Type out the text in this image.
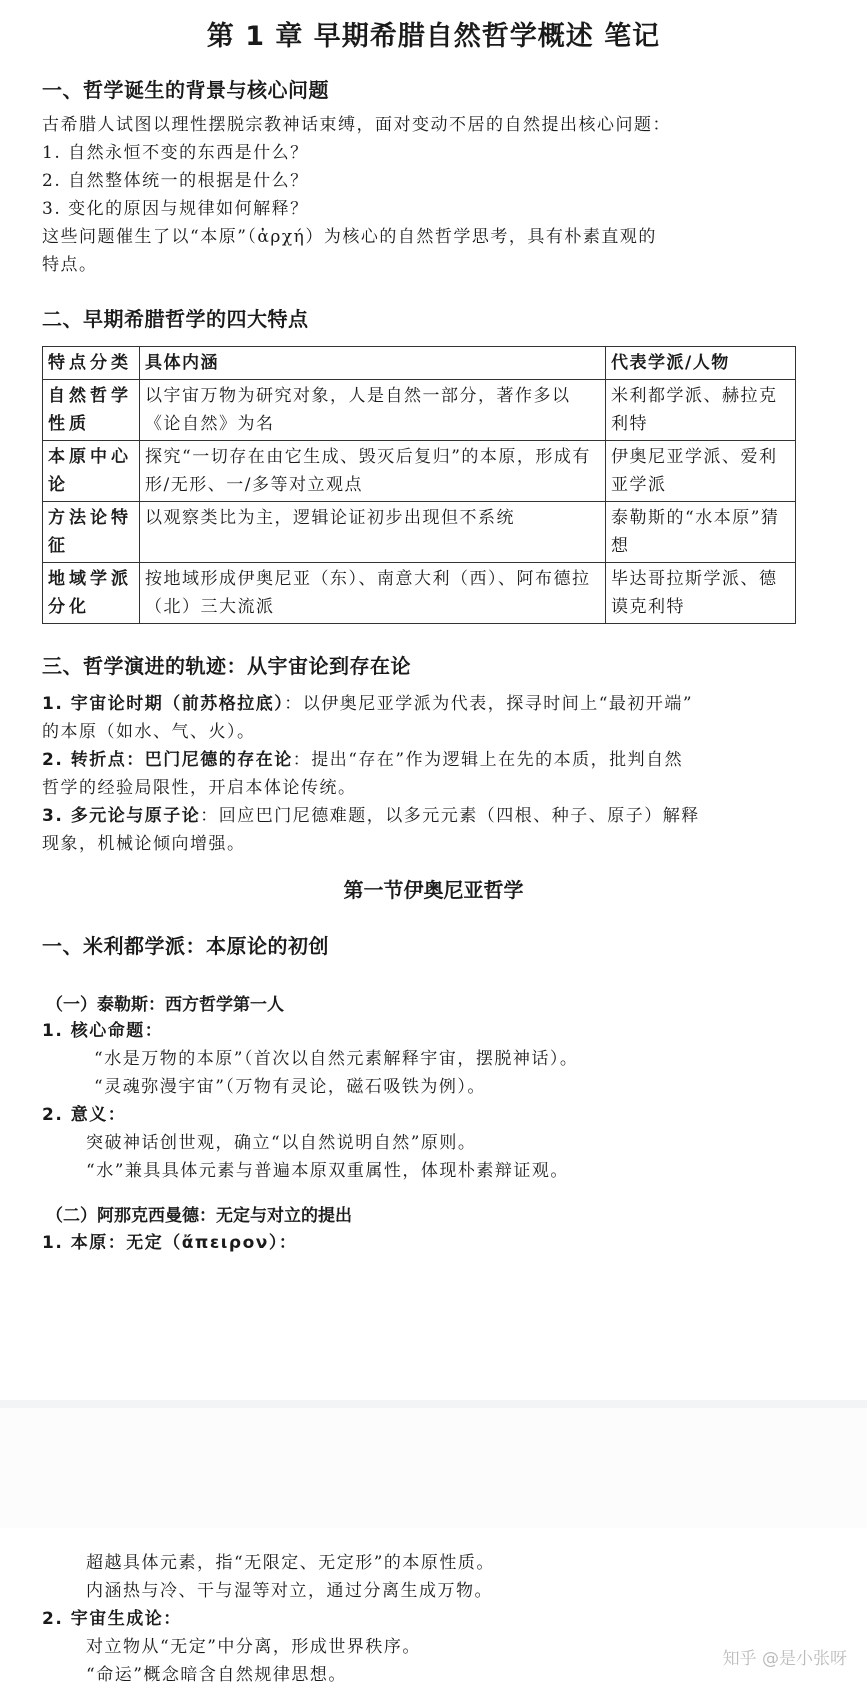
第 1 章 早期希腊自然哲学概述 笔记
一、哲学诞生的背景与核心问题
古希腊人试图以理性摆脱宗教神话束缚，面对变动不居的自然提出核心问题：
1. 自然永恒不变的东西是什么？
2. 自然整体统一的根据是什么？
3. 变化的原因与规律如何解释？
这些问题催生了以“本原”（ἀρχή）为核心的自然哲学思考，具有朴素直观的
特点。
二、早期希腊哲学的四大特点
特点分类	具体内涵	代表学派/人物
自然哲学性质	以宇宙万物为研究对象，人是自然一部分，著作多以《论自然》为名	米利都学派、赫拉克利特
本原中心论	探究“一切存在由它生成、毁灭后复归”的本原，形成有形/无形、一/多等对立观点	伊奥尼亚学派、爱利亚学派
方法论特征	以观察类比为主，逻辑论证初步出现但不系统	泰勒斯的“水本原”猜想
地域学派分化	按地域形成伊奥尼亚（东）、南意大利（西）、阿布德拉（北）三大流派	毕达哥拉斯学派、德谟克利特
三、哲学演进的轨迹：从宇宙论到存在论
1. 宇宙论时期（前苏格拉底）：以伊奥尼亚学派为代表，探寻时间上“最初开端”
的本原（如水、气、火）。
2. 转折点：巴门尼德的存在论：提出“存在”作为逻辑上在先的本质，批判自然
哲学的经验局限性，开启本体论传统。
3. 多元论与原子论：回应巴门尼德难题，以多元元素（四根、种子、原子）解释
现象，机械论倾向增强。
第一节伊奥尼亚哲学
一、米利都学派：本原论的初创
（一）泰勒斯：西方哲学第一人
1. 核心命题：
“水是万物的本原”（首次以自然元素解释宇宙，摆脱神话）。
“灵魂弥漫宇宙”（万物有灵论，磁石吸铁为例）。
2. 意义：
突破神话创世观，确立“以自然说明自然”原则。
“水”兼具具体元素与普遍本原双重属性，体现朴素辩证观。
（二）阿那克西曼德：无定与对立的提出
1. 本原：无定（ἄπειρον）：
超越具体元素，指“无限定、无定形”的本原性质。
内涵热与冷、干与湿等对立，通过分离生成万物。
2. 宇宙生成论：
对立物从“无定”中分离，形成世界秩序。
“命运”概念暗含自然规律思想。
知乎 @是小张呀
